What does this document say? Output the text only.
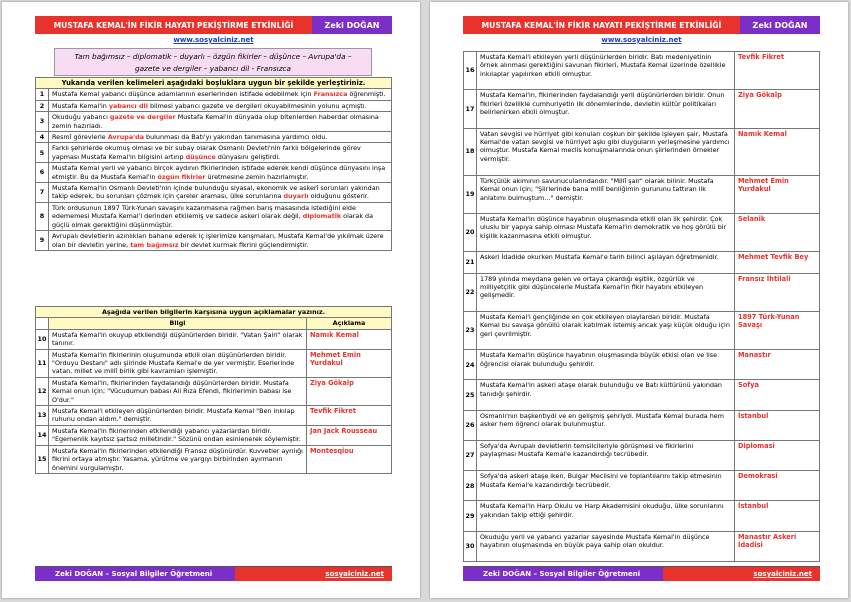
MUSTAFA KEMAL'İN FİKİR HAYATI PEKİŞTİRME ETKİNLİĞİ	Zeki DOĞAN
www.sosyalciniz.net
Tam bağımsız – diplomatik – duyarlı – özgün fikirler – düşünce – Avrupa'da –
gazete ve dergiler – yabancı dil - Fransızca
Yukarıda verilen kelimeleri aşağıdaki boşluklara uygun bir şekilde yerleştiriniz.	
1	Mustafa Kemal yabancı düşünce adamlarının eserlerinden istifade edebilmek için Fransızca öğrenmişti.
2	Mustafa Kemal'in yabancı dil bilmesi yabancı gazete ve dergileri okuyabilmesinin yolunu açmıştı.
3	Okuduğu yabancı gazete ve dergiler Mustafa Kemal'in dünyada olup bitenlerden haberdar olmasına zemin hazırladı.
4	Resmî görevlerle Avrupa'da bulunması da Batı'yı yakından tanımasına yardımcı oldu.
5	Farklı şehirlerde okumuş olması ve bir subay olarak Osmanlı Devleti'nin farklı bölgelerinde görev yapması Mustafa Kemal'in bilgisini artırıp düşünce dünyasını geliştirdi.
6	Mustafa Kemal yerli ve yabancı birçok aydının fikirlerinden istifade ederek kendi düşünce dünyasını inşa etmiştir. Bu da Mustafa Kemal'in özgün fikirler üretmesine zemin hazırlamıştır.
7	Mustafa Kemal'in Osmanlı Devleti'nin içinde bulunduğu siyasal, ekonomik ve askerî sorunları yakından takip ederek, bu sorunları çözmek için çareler araması, ülke sorunlarına duyarlı olduğunu gösterir.
8	Türk ordusunun 1897 Türk-Yunan savaşını kazanmasına rağmen barış masasında istediğini elde edememesi Mustafa Kemal'i derinden etkilemiş ve sadece askeri olarak değil, diplomatik olarak da güçlü olmak gerektiğini düşünmüştür.
9	Avrupalı devletlerin azınlıkları bahane ederek iç işlerimize karışmaları, Mustafa Kemal'de yıkılmak üzere olan bir devletin yerine, tam bağımsız bir devlet kurmak fikrini güçlendirmiştir.
Aşağıda verilen bilgilerin karşısına uygun açıklamalar yazınız.		
	Bilgi	Açıklama
10	Mustafa Kemal'in okuyup etkilendiği düşünürlerden biridir. "Vatan Şairi" olarak tanınır.	Namık Kemal
11	Mustafa Kemal'in fikirlerinin oluşumunda etkili olan düşünürlerden biridir. "Orduyu Destanı" adlı şiirinde Mustafa Kemal'e de yer vermiştir. Eserlerinde vatan, millet ve millî birlik gibi kavramları işlemiştir.	Mehmet Emin Yurdakul
12	Mustafa Kemal'in, fikirlerinden faydalandığı düşünürlerden biridir. Mustafa Kemal onun için; "Vücudumun babası Ali Rıza Efendi, fikirlerimin babası ise O'dur."	Ziya Gökalp
13	Mustafa Kemal'i etkileyen düşünürlerden biridir. Mustafa Kemal "Ben inkılap ruhunu ondan aldım." demiştir.	Tevfik Fikret
14	Mustafa Kemal'in fikirlerinden etkilendiği yabancı yazarlardan biridir. "Egemenlik kayıtsız şartsız milletindir." Sözünü ondan esinlenerek söylemiştir.	Jan Jack Rousseau
15	Mustafa Kemal'in fikirlerinden etkilendiği Fransız düşünürdür. Kuvvetler ayrılığı fikrini ortaya atmıştır. Yasama, yürütme ve yargıyı birbirinden ayırmanın önemini vurgulamıştır.	Montesqiou
Zeki DOĞAN – Sosyal Bilgiler Öğretmeni	sosyalciniz.net
MUSTAFA KEMAL'İN FİKİR HAYATI PEKİŞTİRME ETKİNLİĞİ	Zeki DOĞAN
www.sosyalciniz.net
16	Mustafa Kemal'i etkileyen yerli düşünürlerden biridir. Batı medeniyetinin örnek alınması gerektiğini savunan fikirleri, Mustafa Kemal üzerinde özellikle inkılaplar yapılırken etkili olmuştur.	Tevfik Fikret
17	Mustafa Kemal'in, fikirlerinden faydalandığı yerli düşünürlerden biridir. Onun fikirleri özellikle cumhuriyetin ilk dönemlerinde, devletin kültür politikaları belirlenirken etkili olmuştur.	Ziya Gökalp
18	Vatan sevgisi ve hürriyet gibi konuları coşkun bir şekilde işleyen şair, Mustafa Kemal'de vatan sevgisi ve hürriyet aşkı gibi duyguların yerleşmesine yardımcı olmuştur. Mustafa Kemal meclis konuşmalarında onun şiirlerinden örnekler vermiştir.	Namık Kemal
19	Türkçülük akımının savunucularındandır. "Millî şair" olarak bilinir. Mustafa Kemal onun için; "Şiirlerinde bana millî benliğimin gururunu tattıran ilk anlatımı bulmuştum…" demiştir.	Mehmet Emin Yurdakul
20	Mustafa Kemal'in düşünce hayatının oluşmasında etkili olan ilk şehirdir. Çok uluslu bir yapıya sahip olması Mustafa Kemal'in demokratik ve hoş görülü bir kişilik kazanmasına etkili olmuştur.	Selanik
21	Askeri İdadide okurken Mustafa Kemal'e tarih bilinci aşılayan öğretmenidir.	Mehmet Tevfik Bey
22	1789 yılında meydana gelen ve ortaya çıkardığı eşitlik, özgürlük ve milliyetçilik gibi düşüncelerle Mustafa Kemal'in fikir hayatını etkileyen gelişmedir.	Fransız İhtilali
23	Mustafa Kemal'i gençliğinde en çok etkileyen olaylardan biridir. Mustafa Kemal bu savaşa gönüllü olarak katılmak istemiş ancak yaşı küçük olduğu için geri çevrilmiştir.	1897 Türk-Yunan Savaşı
24	Mustafa Kemal'in düşünce hayatının oluşmasında büyük etkisi olan ve lise öğrencisi olarak bulunduğu şehirdir.	Manastır
25	Mustafa Kemal'in askeri ataşe olarak bulunduğu ve Batı kültürünü yakından tanıdığı şehirdir.	Sofya
26	Osmanlı'nın başkentiydi ve en gelişmiş şehriydi. Mustafa Kemal burada hem asker hem öğrenci olarak bulunmuştur.	İstanbul
27	Sofya'da Avrupalı devletlerin temsilcileriyle görüşmesi ve fikirlerini paylaşması Mustafa Kemal'e kazandırdığı tecrübedir.	Diplomasi
28	Sofya'da askeri ataşe iken, Bulgar Meclisini ve toplantılarını takip etmesinin Mustafa Kemal'e kazandırdığı tecrübedir.	Demokrasi
29	Mustafa Kemal'in Harp Okulu ve Harp Akademisini okuduğu, ülke sorunlarını yakından takip ettiği şehirdir.	İstanbul
30	Okuduğu yerli ve yabancı yazarlar sayesinde Mustafa Kemal'in düşünce hayatının oluşmasında en büyük paya sahip olan okuldur.	Manastır Askeri İdadisi
Zeki DOĞAN – Sosyal Bilgiler Öğretmeni	sosyalciniz.net
